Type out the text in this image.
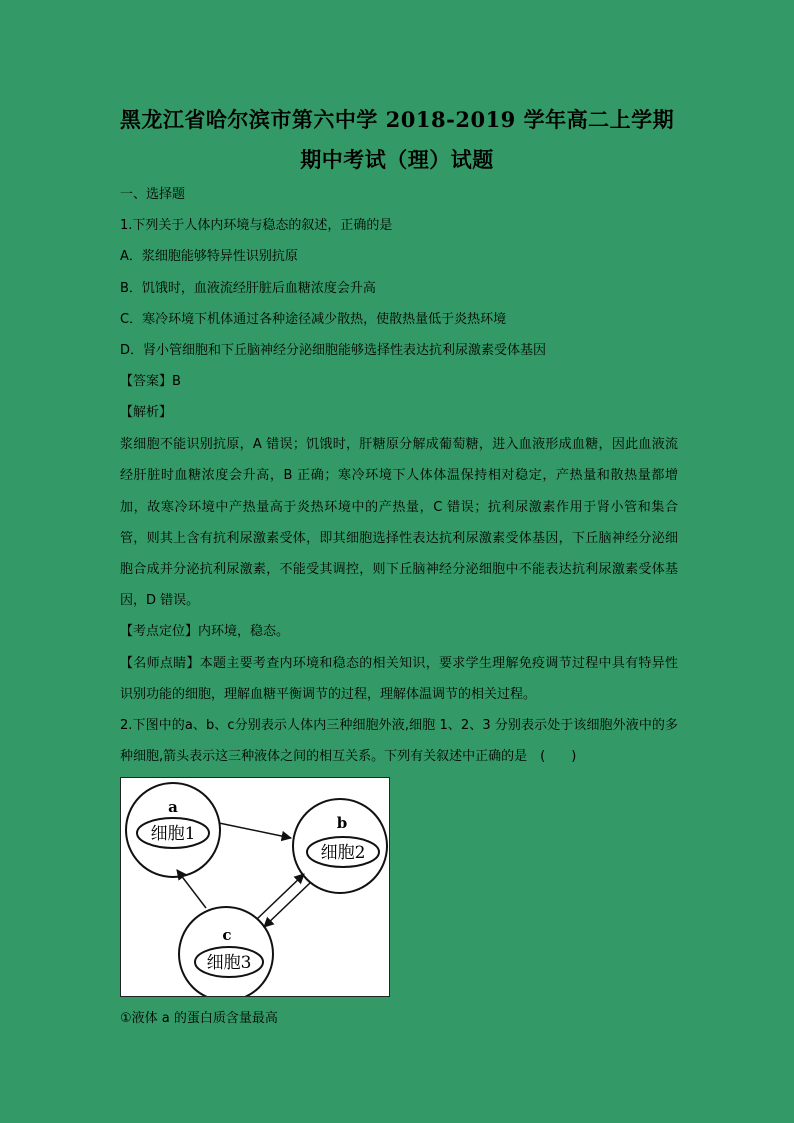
黑龙江省哈尔滨市第六中学 2018-2019 学年高二上学期
期中考试（理）试题
一、选择题
1.下列关于人体内环境与稳态的叙述，正确的是
A．浆细胞能够特异性识别抗原
B．饥饿时，血液流经肝脏后血糖浓度会升高
C．寒冷环境下机体通过各种途径减少散热，使散热量低于炎热环境
D．肾小管细胞和下丘脑神经分泌细胞能够选择性表达抗利尿激素受体基因
【答案】B
【解析】
浆细胞不能识别抗原，A 错误；饥饿时，肝糖原分解成葡萄糖，进入血液形成血糖，因此血液流经肝脏时血糖浓度会升高，B 正确；寒冷环境下人体体温保持相对稳定，产热量和散热量都增加，故寒冷环境中产热量高于炎热环境中的产热量，C 错误；抗利尿激素作用于肾小管和集合管，则其上含有抗利尿激素受体，即其细胞选择性表达抗利尿激素受体基因，下丘脑神经分泌细胞合成并分泌抗利尿激素，不能受其调控，则下丘脑神经分泌细胞中不能表达抗利尿激素受体基因，D 错误。
【考点定位】内环境，稳态。
【名师点睛】本题主要考查内环境和稳态的相关知识，要求学生理解免疫调节过程中具有特异性识别功能的细胞，理解血糖平衡调节的过程，理解体温调节的相关过程。
2.下图中的a、b、c分别表示人体内三种细胞外液,细胞 1、2、3 分别表示处于该细胞外液中的多种细胞,箭头表示这三种液体之间的相互关系。下列有关叙述中正确的是　(　　)
a
细胞1
b
细胞2
c
细胞3
①液体 a 的蛋白质含量最高
